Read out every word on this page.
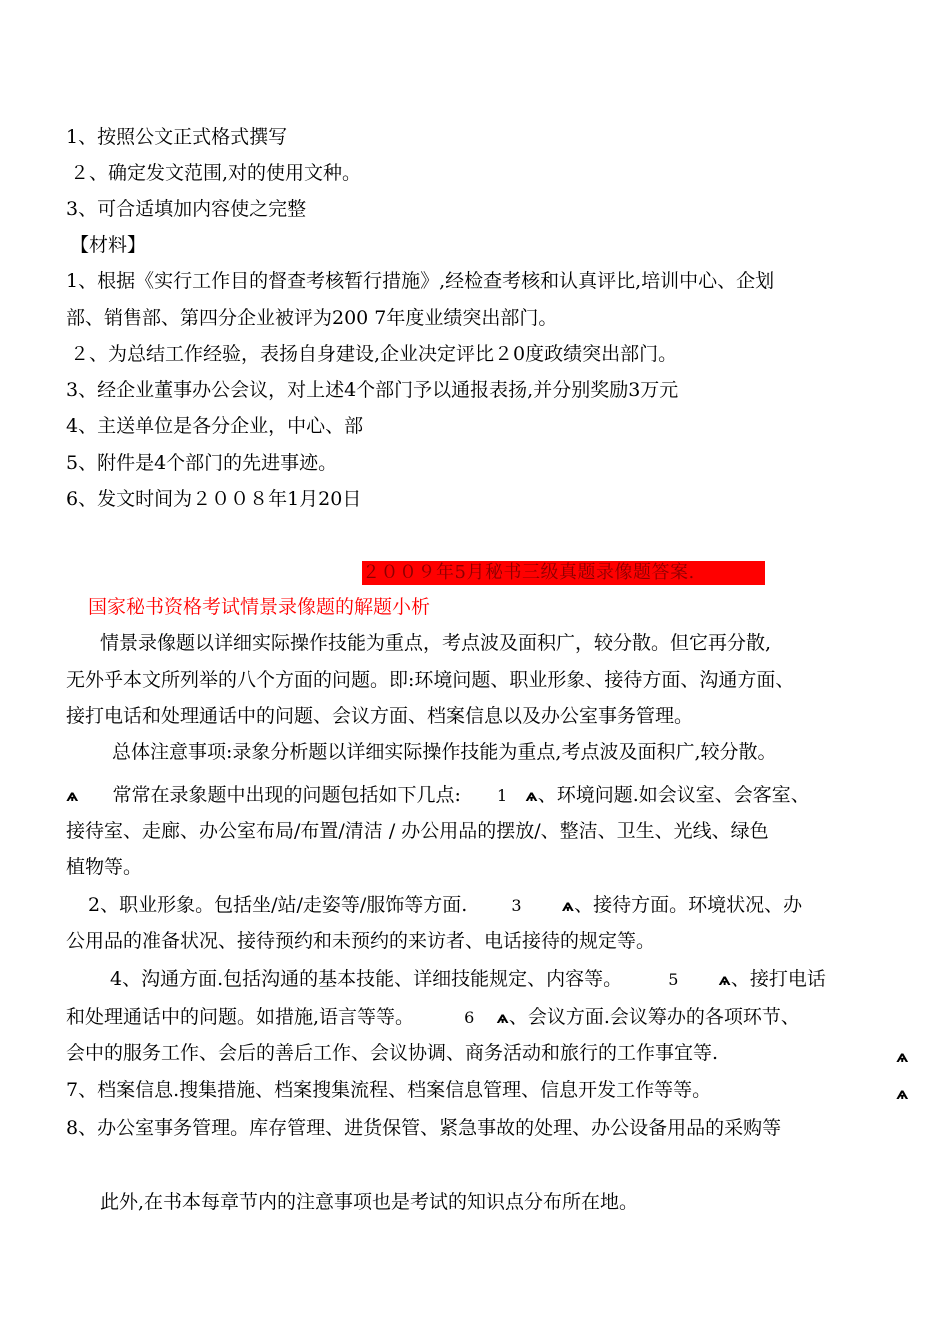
1、按照公文正式格式撰写
２、确定发文范围,对的使用文种。
3、可合适填加内容使之完整
【材料】
1、根据《实行工作目的督查考核暂行措施》,经检查考核和认真评比,培训中心、企划
部、销售部、第四分企业被评为200 7年度业绩突出部门。
２、为总结工作经验，表扬自身建设,企业决定评比２0度政绩突出部门。
3、经企业董事办公会议，对上述4个部门予以通报表扬,并分别奖励3万元
4、主送单位是各分企业，中心、部
5、附件是4个部门的先进事迹。
6、发文时间为２００８年1月20日
２００９年5月秘书三级真题录像题答案.
国家秘书资格考试情景录像题的解题小析
情景录像题以详细实际操作技能为重点，考点波及面积广，较分散。但它再分散,
无外乎本文所列举的八个方面的问题。即:环境问题、职业形象、接待方面、沟通方面、
接打电话和处理通话中的问题、会议方面、档案信息以及办公室事务管理。
总体注意事项:录象分析题以详细实际操作技能为重点,考点波及面积广,较分散。
ѧ 常常在录象题中出现的问题包括如下几点: 1 ѧ、环境问题.如会议室、会客室、
接待室、走廊、办公室布局/布置/清洁 / 办公用品的摆放/、整洁、卫生、光线、绿色
植物等。
2、职业形象。包括坐/站/走姿等/服饰等方面.	3	ѧ、接待方面。环境状况、办
公用品的准备状况、接待预约和未预约的来访者、电话接待的规定等。
4、沟通方面.包括沟通的基本技能、详细技能规定、内容等。	5	ѧ、接打电话
和处理通话中的问题。如措施,语言等等。	6 ѧ、会议方面.会议筹办的各项环节、
会中的服务工作、会后的善后工作、会议协调、商务活动和旅行的工作事宜等.	ѧ
7、档案信息.搜集措施、档案搜集流程、档案信息管理、信息开发工作等等。	ѧ
8、办公室事务管理。库存管理、进货保管、紧急事故的处理、办公设备用品的采购等
此外,在书本每章节内的注意事项也是考试的知识点分布所在地。
